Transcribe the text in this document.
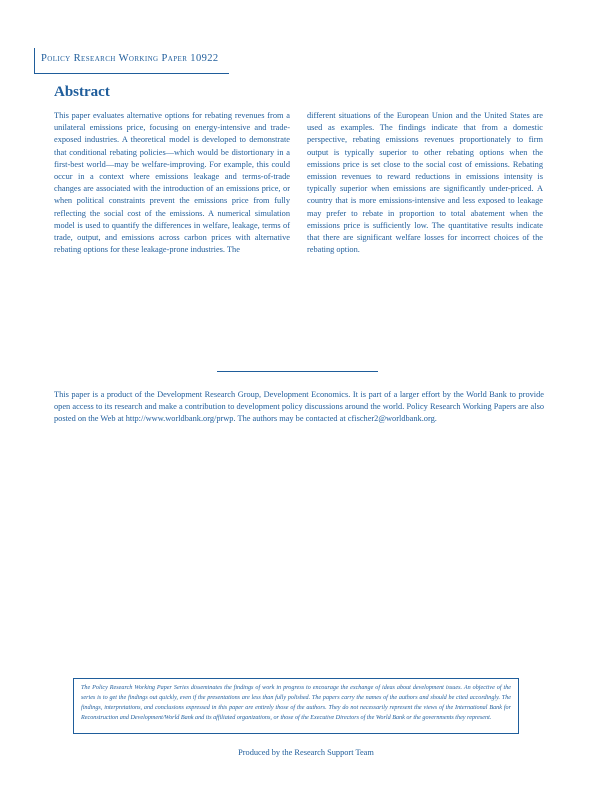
Policy Research Working Paper 10922
Abstract

This paper evaluates alternative options for rebating revenues from a unilateral emissions price, focusing on energy-intensive and trade-exposed industries. A theoretical model is developed to demonstrate that conditional rebating policies—which would be distortionary in a first-best world—may be welfare-improving. For example, this could occur in a context where emissions leakage and terms-of-trade changes are associated with the introduction of an emissions price, or when political constraints prevent the emissions price from fully reflecting the social cost of the emissions. A numerical simulation model is used to quantify the differences in welfare, leakage, terms of trade, output, and emissions across carbon prices with alternative rebating options for these leakage-prone industries. The

different situations of the European Union and the United States are used as examples. The findings indicate that from a domestic perspective, rebating emissions revenues proportionately to firm output is typically superior to other rebating options when the emissions price is set close to the social cost of emissions. Rebating emission revenues to reward reductions in emissions intensity is typically superior when emissions are significantly under-priced. A country that is more emissions-intensive and less exposed to leakage may prefer to rebate in proportion to total abatement when the emissions price is sufficiently low. The quantitative results indicate that there are significant welfare losses for incorrect choices of the rebating option.

This paper is a product of the Development Research Group, Development Economics. It is part of a larger effort by the World Bank to provide open access to its research and make a contribution to development policy discussions around the world. Policy Research Working Papers are also posted on the Web at http://www.worldbank.org/prwp. The authors may be contacted at cfischer2@worldbank.org.

The Policy Research Working Paper Series disseminates the findings of work in progress to encourage the exchange of ideas about development issues. An objective of the series is to get the findings out quickly, even if the presentations are less than fully polished. The papers carry the names of the authors and should be cited accordingly. The findings, interpretations, and conclusions expressed in this paper are entirely those of the authors. They do not necessarily represent the views of the International Bank for Reconstruction and Development/World Bank and its affiliated organizations, or those of the Executive Directors of the World Bank or the governments they represent.

Produced by the Research Support Team
